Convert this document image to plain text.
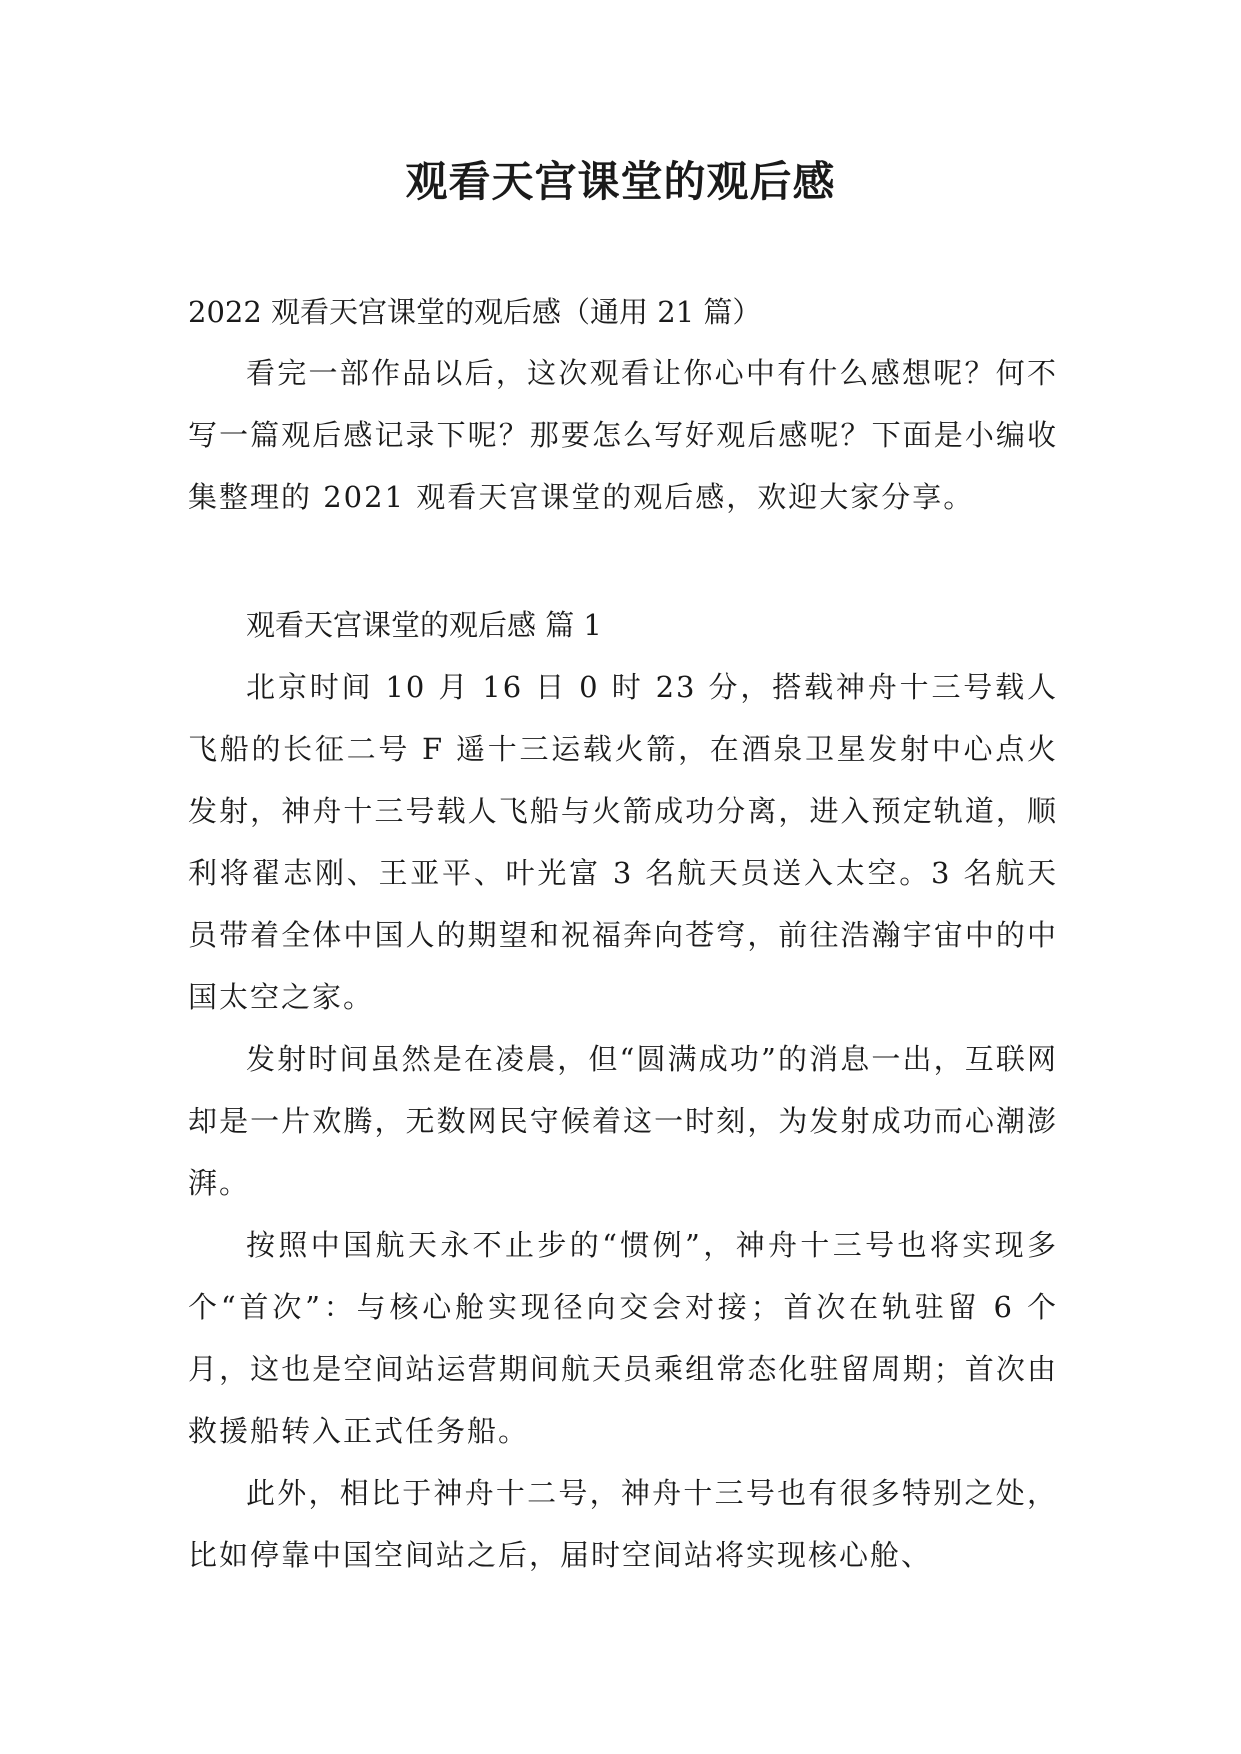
观看天宫课堂的观后感

2022 观看天宫课堂的观后感（通用 21 篇）

看完一部作品以后，这次观看让你心中有什么感想呢？何不写一篇观后感记录下呢？那要怎么写好观后感呢？下面是小编收集整理的 2021 观看天宫课堂的观后感，欢迎大家分享。

观看天宫课堂的观后感 篇 1

北京时间 10 月 16 日 0 时 23 分，搭载神舟十三号载人飞船的长征二号 F 遥十三运载火箭，在酒泉卫星发射中心点火发射，神舟十三号载人飞船与火箭成功分离，进入预定轨道，顺利将翟志刚、王亚平、叶光富 3 名航天员送入太空。3 名航天员带着全体中国人的期望和祝福奔向苍穹，前往浩瀚宇宙中的中国太空之家。

发射时间虽然是在凌晨，但“圆满成功”的消息一出，互联网却是一片欢腾，无数网民守候着这一时刻，为发射成功而心潮澎湃。

按照中国航天永不止步的“惯例”，神舟十三号也将实现多个“首次”：与核心舱实现径向交会对接；首次在轨驻留 6 个月，这也是空间站运营期间航天员乘组常态化驻留周期；首次由救援船转入正式任务船。

此外，相比于神舟十二号，神舟十三号也有很多特别之处，比如停靠中国空间站之后，届时空间站将实现核心舱、
